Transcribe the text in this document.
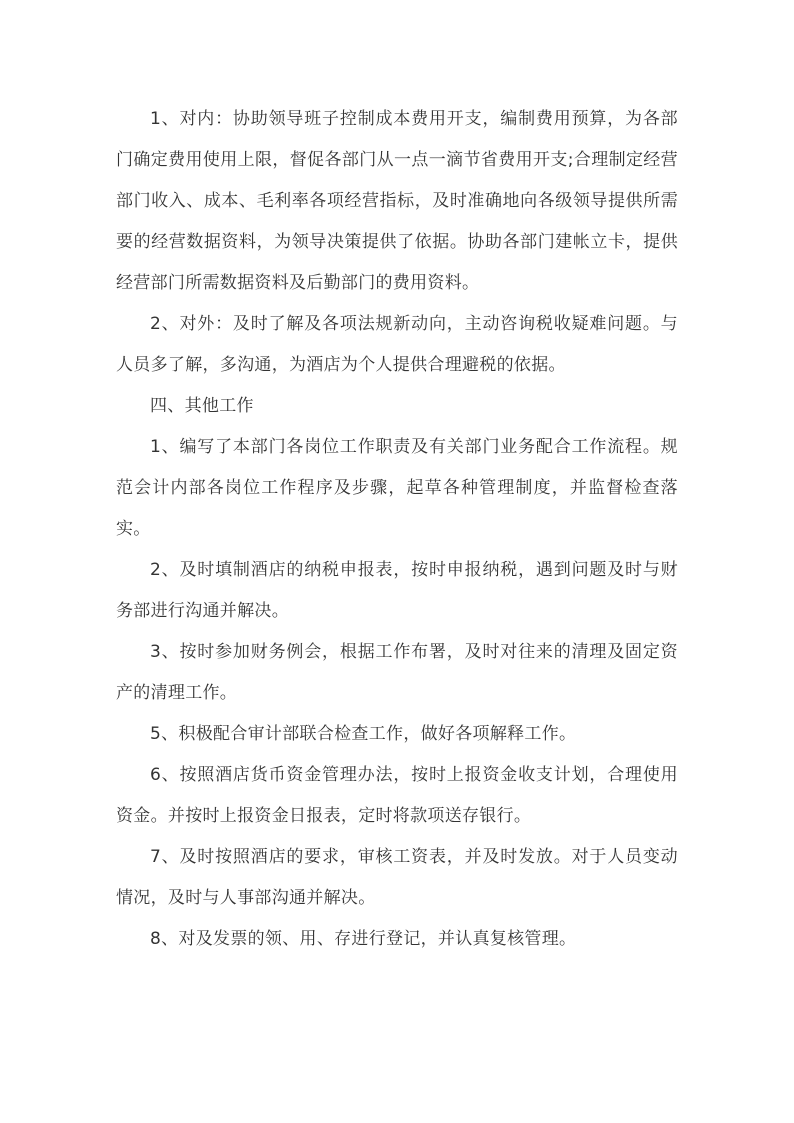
1、对内：协助领导班子控制成本费用开支，编制费用预算，为各部门确定费用使用上限，督促各部门从一点一滴节省费用开支;合理制定经营部门收入、成本、毛利率各项经营指标，及时准确地向各级领导提供所需要的经营数据资料，为领导决策提供了依据。协助各部门建帐立卡，提供经营部门所需数据资料及后勤部门的费用资料。

2、对外：及时了解及各项法规新动向，主动咨询税收疑难问题。与人员多了解，多沟通，为酒店为个人提供合理避税的依据。

四、其他工作

1、编写了本部门各岗位工作职责及有关部门业务配合工作流程。规范会计内部各岗位工作程序及步骤，起草各种管理制度，并监督检查落实。

2、及时填制酒店的纳税申报表，按时申报纳税，遇到问题及时与财务部进行沟通并解决。

3、按时参加财务例会，根据工作布署，及时对往来的清理及固定资产的清理工作。

5、积极配合审计部联合检查工作，做好各项解释工作。

6、按照酒店货币资金管理办法，按时上报资金收支计划，合理使用资金。并按时上报资金日报表，定时将款项送存银行。

7、及时按照酒店的要求，审核工资表，并及时发放。对于人员变动情况，及时与人事部沟通并解决。

8、对及发票的领、用、存进行登记，并认真复核管理。
